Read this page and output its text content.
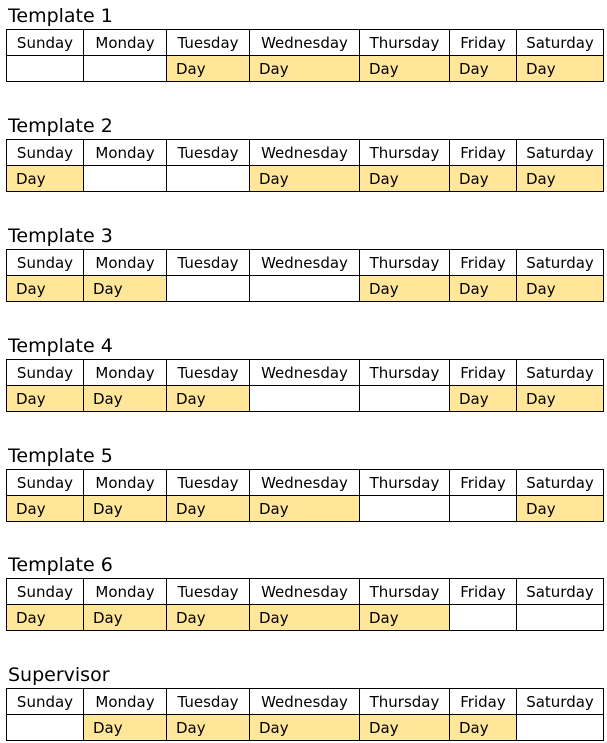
Template 1
Sunday	Monday	Tuesday	Wednesday	Thursday	Friday	Saturday
		Day	Day	Day	Day	Day
Template 2
Sunday	Monday	Tuesday	Wednesday	Thursday	Friday	Saturday
Day			Day	Day	Day	Day
Template 3
Sunday	Monday	Tuesday	Wednesday	Thursday	Friday	Saturday
Day	Day			Day	Day	Day
Template 4
Sunday	Monday	Tuesday	Wednesday	Thursday	Friday	Saturday
Day	Day	Day			Day	Day
Template 5
Sunday	Monday	Tuesday	Wednesday	Thursday	Friday	Saturday
Day	Day	Day	Day			Day
Template 6
Sunday	Monday	Tuesday	Wednesday	Thursday	Friday	Saturday
Day	Day	Day	Day	Day		
Supervisor
Sunday	Monday	Tuesday	Wednesday	Thursday	Friday	Saturday
	Day	Day	Day	Day	Day	
